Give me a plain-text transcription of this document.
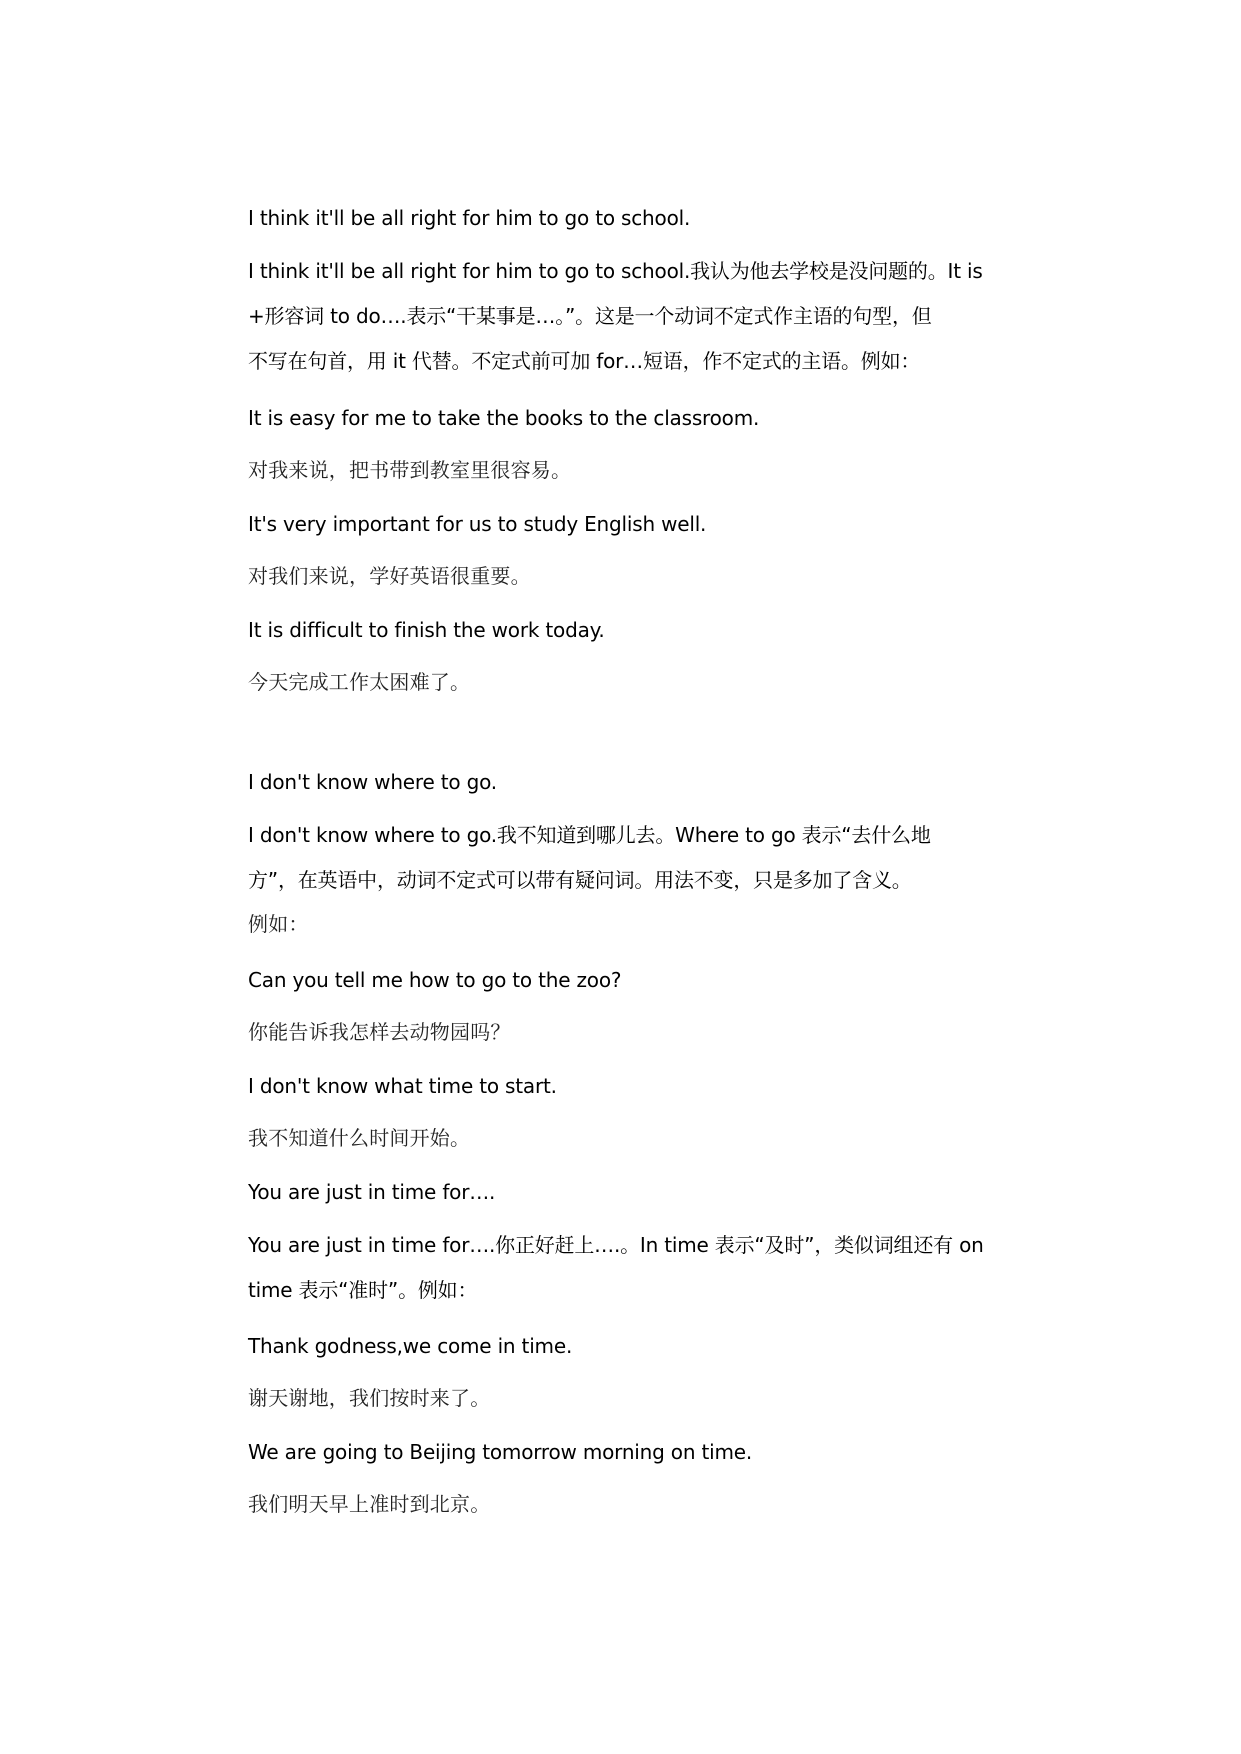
I think it'll be all right for him to go to school.
I think it'll be all right for him to go to school.我认为他去学校是没问题的。It is
+形容词 to do….表示“干某事是…。”。这是一个动词不定式作主语的句型，但
不写在句首，用 it 代替。不定式前可加 for…短语，作不定式的主语。例如：
It is easy for me to take the books to the classroom.
对我来说，把书带到教室里很容易。
It's very important for us to study English well.
对我们来说，学好英语很重要。
It is difficult to finish the work today.
今天完成工作太困难了。
I don't know where to go.
I don't know where to go.我不知道到哪儿去。Where to go 表示“去什么地
方”，在英语中，动词不定式可以带有疑问词。用法不变，只是多加了含义。
例如：
Can you tell me how to go to the zoo?
你能告诉我怎样去动物园吗？
I don't know what time to start.
我不知道什么时间开始。
You are just in time for….
You are just in time for….你正好赶上….。In time 表示“及时”，类似词组还有 on
time 表示“准时”。例如：
Thank godness,we come in time.
谢天谢地，我们按时来了。
We are going to Beijing tomorrow morning on time.
我们明天早上准时到北京。
